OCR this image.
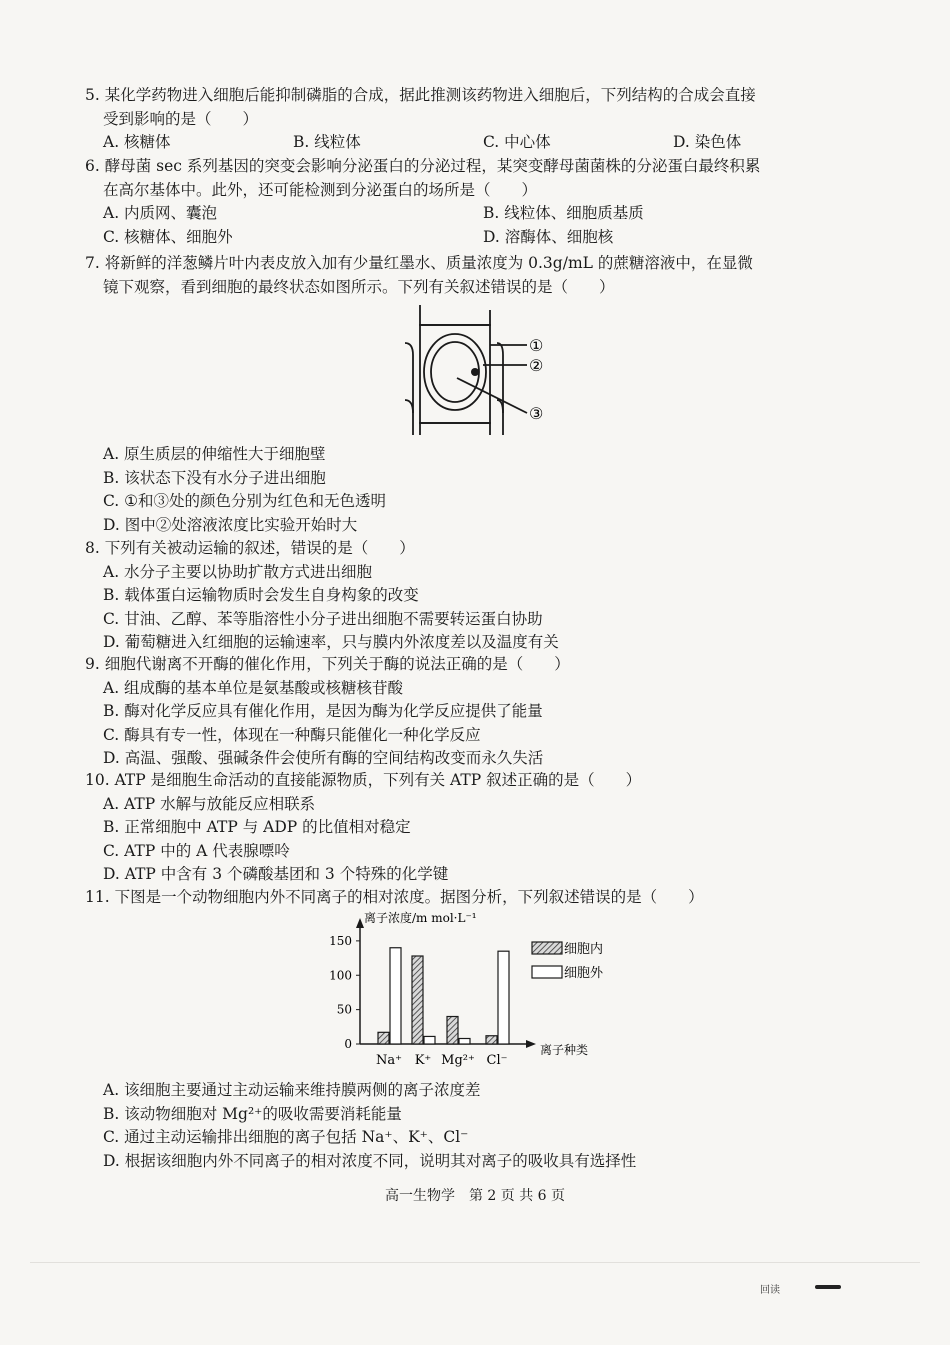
5. 某化学药物进入细胞后能抑制磷脂的合成，据此推测该药物进入细胞后，下列结构的合成会直接
受到影响的是（　　）
A. 核糖体	B. 线粒体	C. 中心体	D. 染色体
6. 酵母菌 sec 系列基因的突变会影响分泌蛋白的分泌过程，某突变酵母菌菌株的分泌蛋白最终积累
在高尔基体中。此外，还可能检测到分泌蛋白的场所是（　　）
A. 内质网、囊泡	B. 线粒体、细胞质基质
C. 核糖体、细胞外	D. 溶酶体、细胞核
7. 将新鲜的洋葱鳞片叶内表皮放入加有少量红墨水、质量浓度为 0.3g/mL 的蔗糖溶液中，在显微
镜下观察，看到细胞的最终状态如图所示。下列有关叙述错误的是（　　）
①
②
③
A. 原生质层的伸缩性大于细胞壁
B. 该状态下没有水分子进出细胞
C. ①和③处的颜色分别为红色和无色透明
D. 图中②处溶液浓度比实验开始时大
8. 下列有关被动运输的叙述，错误的是（　　）
A. 水分子主要以协助扩散方式进出细胞
B. 载体蛋白运输物质时会发生自身构象的改变
C. 甘油、乙醇、苯等脂溶性小分子进出细胞不需要转运蛋白协助
D. 葡萄糖进入红细胞的运输速率，只与膜内外浓度差以及温度有关
9. 细胞代谢离不开酶的催化作用，下列关于酶的说法正确的是（　　）
A. 组成酶的基本单位是氨基酸或核糖核苷酸
B. 酶对化学反应具有催化作用，是因为酶为化学反应提供了能量
C. 酶具有专一性，体现在一种酶只能催化一种化学反应
D. 高温、强酸、强碱条件会使所有酶的空间结构改变而永久失活
10. ATP 是细胞生命活动的直接能源物质，下列有关 ATP 叙述正确的是（　　）
A. ATP 水解与放能反应相联系
B. 正常细胞中 ATP 与 ADP 的比值相对稳定
C. ATP 中的 A 代表腺嘌呤
D. ATP 中含有 3 个磷酸基团和 3 个特殊的化学键
11. 下图是一个动物细胞内外不同离子的相对浓度。据图分析，下列叙述错误的是（　　）
0
50
100
150
离子浓度/m mol·L⁻¹
离子种类
Na⁺ K⁺ Mg²⁺ Cl⁻
细胞内
细胞外
A. 该细胞主要通过主动运输来维持膜两侧的离子浓度差
B. 该动物细胞对 Mg²⁺的吸收需要消耗能量
C. 通过主动运输排出细胞的离子包括 Na⁺、K⁺、Cl⁻
D. 根据该细胞内外不同离子的相对浓度不同，说明其对离子的吸收具有选择性
高一生物学　第 2 页 共 6 页
回读
